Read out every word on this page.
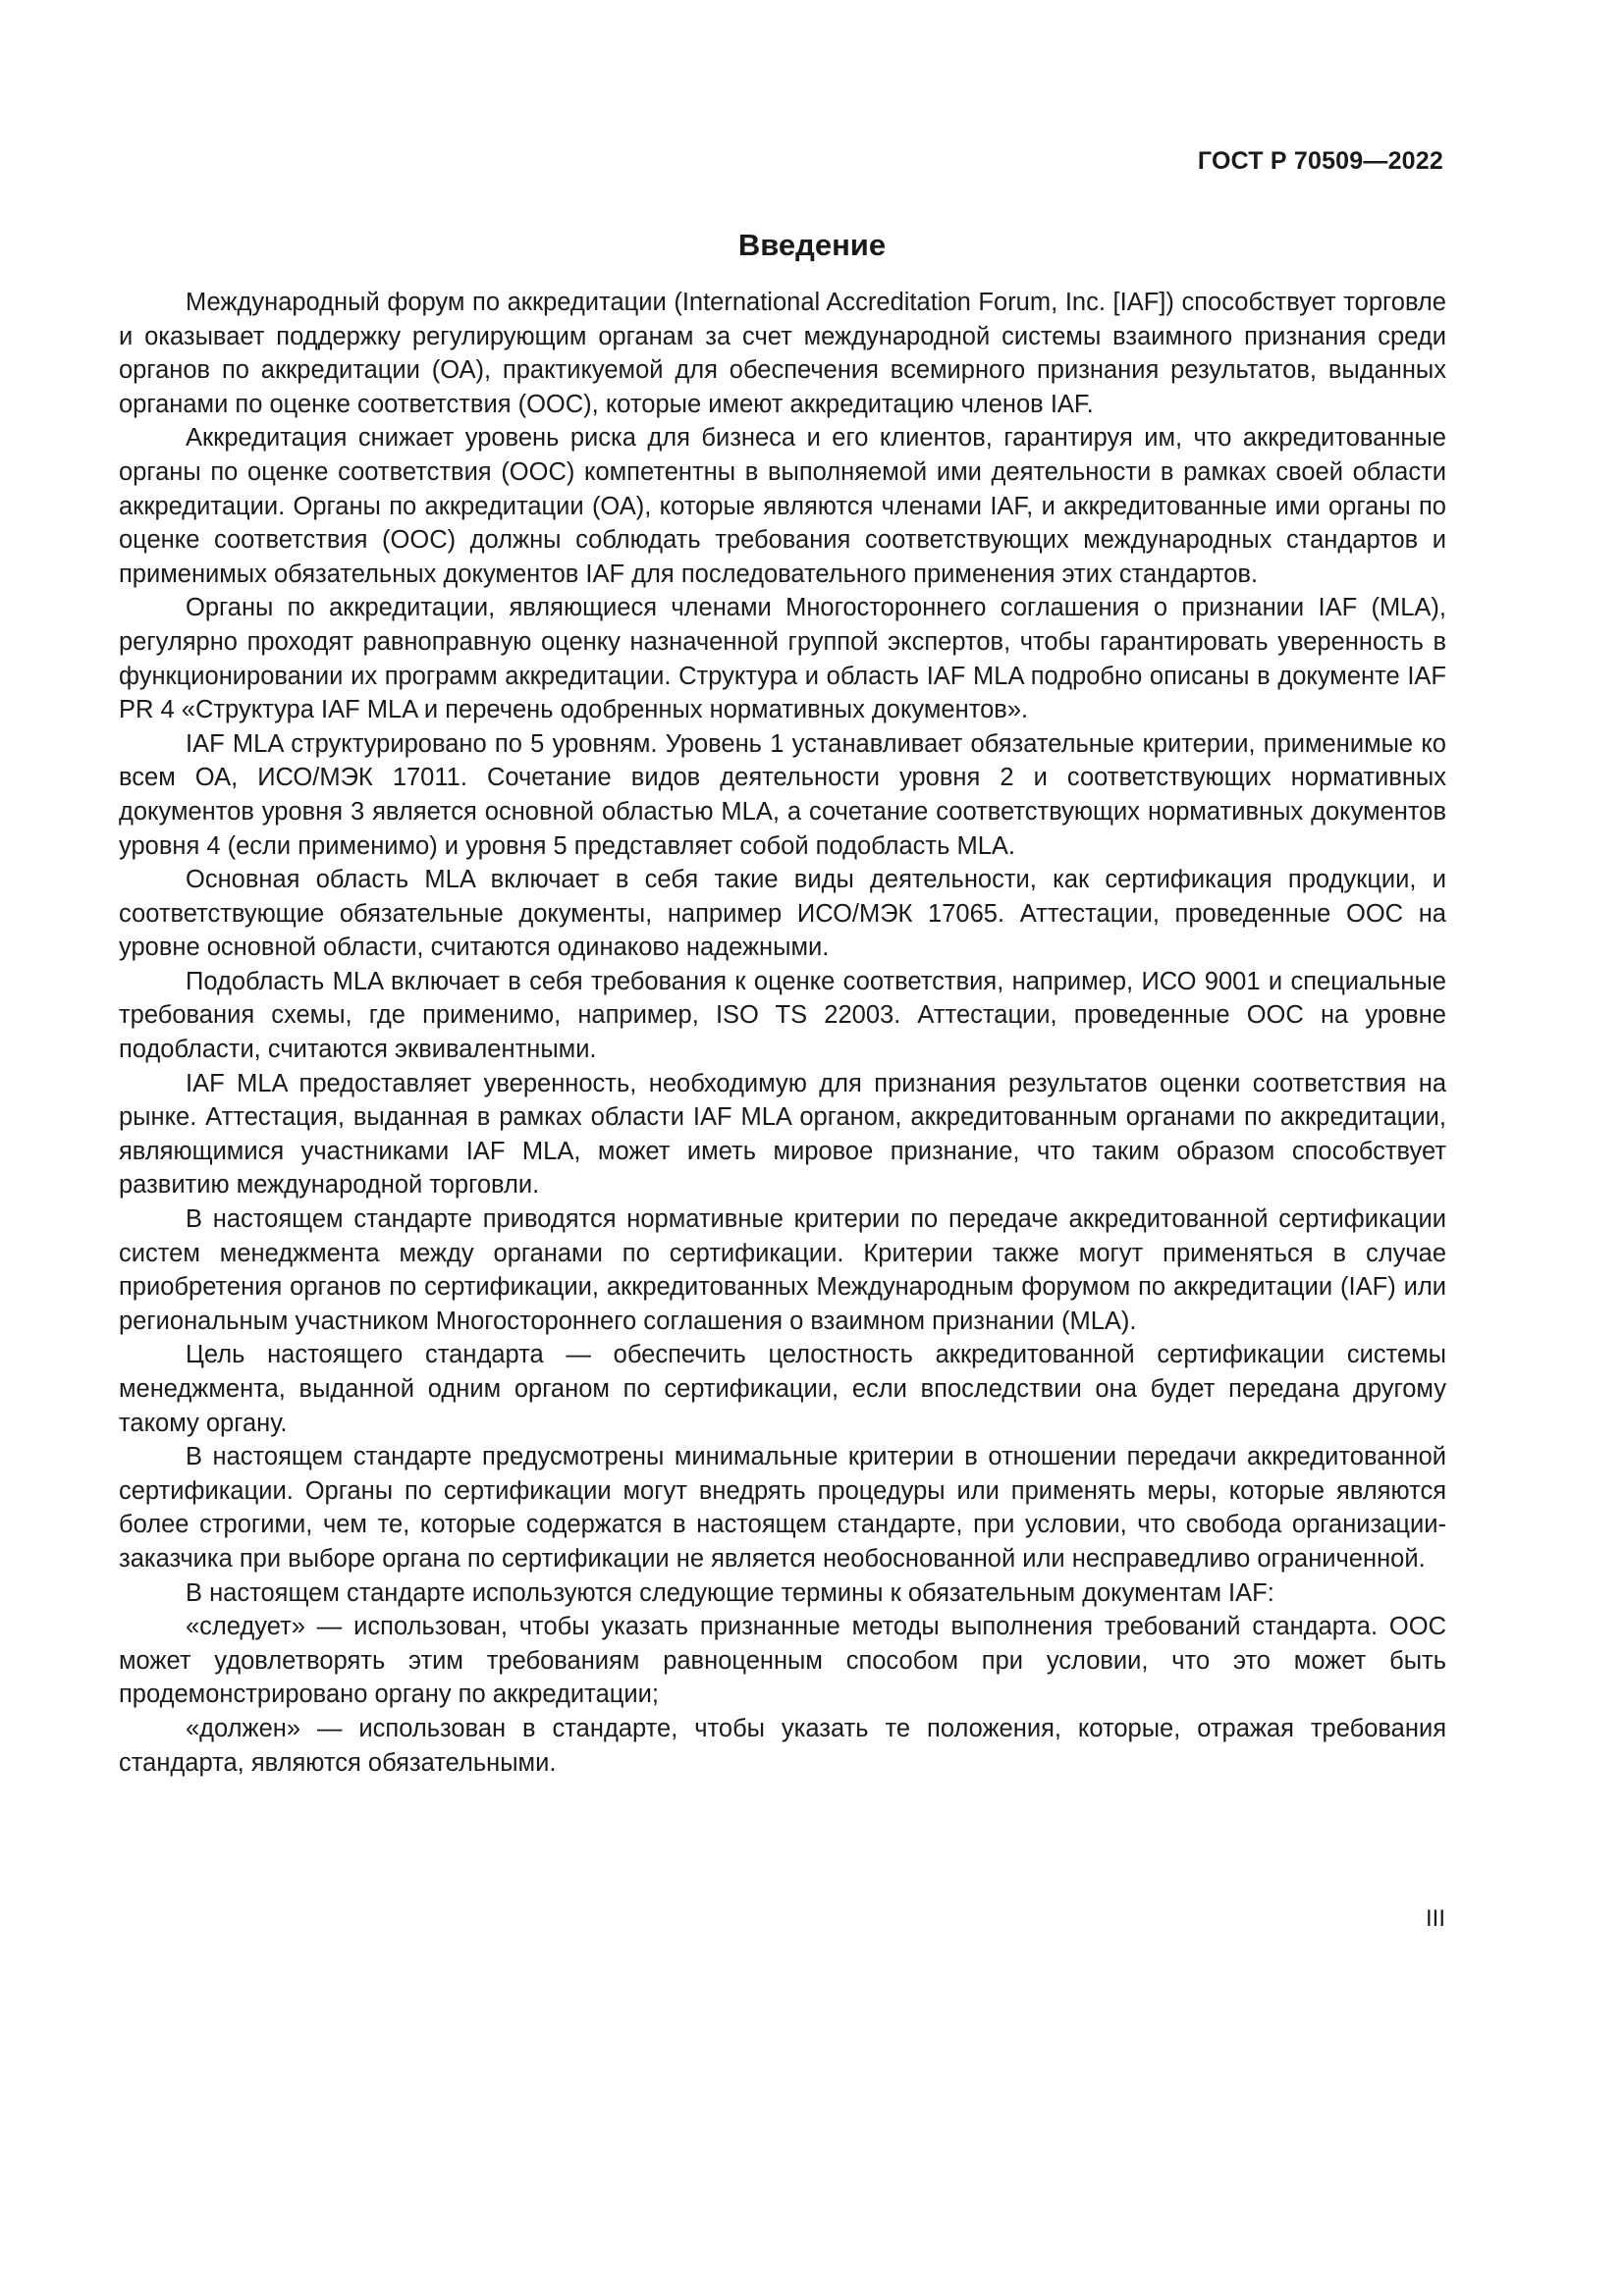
ГОСТ Р 70509—2022
Введение

Международный форум по аккредитации (International Accreditation Forum, Inc. [IAF]) способствует торговле и оказывает поддержку регулирующим органам за счет международной системы взаимного признания среди органов по аккредитации (ОА), практикуемой для обеспечения всемирного признания результатов, выданных органами по оценке соответствия (ООС), которые имеют аккредитацию членов IAF.

Аккредитация снижает уровень риска для бизнеса и его клиентов, гарантируя им, что аккредитованные органы по оценке соответствия (ООС) компетентны в выполняемой ими деятельности в рамках своей области аккредитации. Органы по аккредитации (ОА), которые являются членами IAF, и аккредитованные ими органы по оценке соответствия (ООС) должны соблюдать требования соответствующих международных стандартов и применимых обязательных документов IAF для последовательного применения этих стандартов.

Органы по аккредитации, являющиеся членами Многостороннего соглашения о признании IAF (MLA), регулярно проходят равноправную оценку назначенной группой экспертов, чтобы гарантировать уверенность в функционировании их программ аккредитации. Структура и область IAF MLA подробно описаны в документе IAF PR 4 «Структура IAF MLA и перечень одобренных нормативных документов».

IAF MLA структурировано по 5 уровням. Уровень 1 устанавливает обязательные критерии, применимые ко всем ОА, ИСО/МЭК 17011. Сочетание видов деятельности уровня 2 и соответствующих нормативных документов уровня 3 является основной областью MLA, а сочетание соответствующих нормативных документов уровня 4 (если применимо) и уровня 5 представляет собой подобласть MLA.

Основная область MLA включает в себя такие виды деятельности, как сертификация продукции, и соответствующие обязательные документы, например ИСО/МЭК 17065. Аттестации, проведенные ООС на уровне основной области, считаются одинаково надежными.

Подобласть MLA включает в себя требования к оценке соответствия, например, ИСО 9001 и специальные требования схемы, где применимо, например, ISO TS 22003. Аттестации, проведенные ООС на уровне подобласти, считаются эквивалентными.

IAF MLA предоставляет уверенность, необходимую для признания результатов оценки соответствия на рынке. Аттестация, выданная в рамках области IAF MLA органом, аккредитованным органами по аккредитации, являющимися участниками IAF MLA, может иметь мировое признание, что таким образом способствует развитию международной торговли.

В настоящем стандарте приводятся нормативные критерии по передаче аккредитованной сертификации систем менеджмента между органами по сертификации. Критерии также могут применяться в случае приобретения органов по сертификации, аккредитованных Международным форумом по аккредитации (IAF) или региональным участником Многостороннего соглашения о взаимном признании (MLA).

Цель настоящего стандарта — обеспечить целостность аккредитованной сертификации системы менеджмента, выданной одним органом по сертификации, если впоследствии она будет передана другому такому органу.

В настоящем стандарте предусмотрены минимальные критерии в отношении передачи аккредитованной сертификации. Органы по сертификации могут внедрять процедуры или применять меры, которые являются более строгими, чем те, которые содержатся в настоящем стандарте, при условии, что свобода организации-заказчика при выборе органа по сертификации не является необоснованной или несправедливо ограниченной.

В настоящем стандарте используются следующие термины к обязательным документам IAF:

«следует» — использован, чтобы указать признанные методы выполнения требований стандарта. ООС может удовлетворять этим требованиям равноценным способом при условии, что это может быть продемонстрировано органу по аккредитации;

«должен» — использован в стандарте, чтобы указать те положения, которые, отражая требования стандарта, являются обязательными.

III
